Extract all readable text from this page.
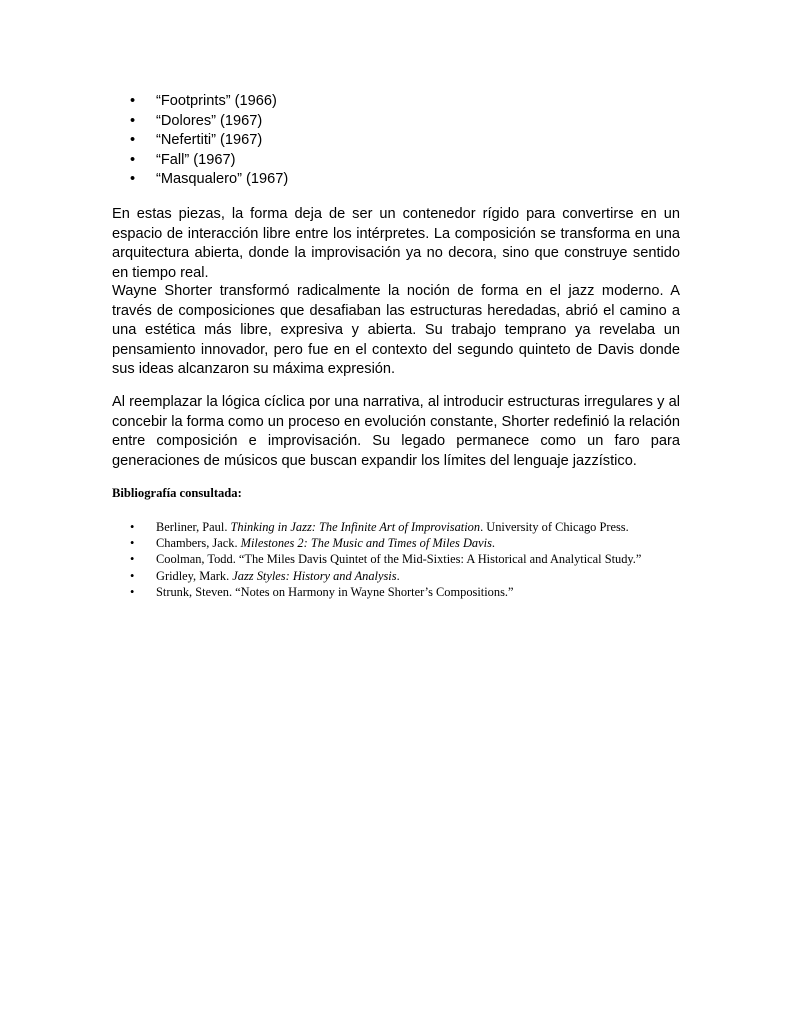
• “Footprints” (1966)
• “Dolores” (1967)
• “Nefertiti” (1967)
• “Fall” (1967)
• “Masqualero” (1967)

En estas piezas, la forma deja de ser un contenedor rígido para convertirse en un espacio de interacción libre entre los intérpretes. La composición se transforma en una arquitectura abierta, donde la improvisación ya no decora, sino que construye sentido en tiempo real.

Wayne Shorter transformó radicalmente la noción de forma en el jazz moderno. A través de composiciones que desafiaban las estructuras heredadas, abrió el camino a una estética más libre, expresiva y abierta. Su trabajo temprano ya revelaba un pensamiento innovador, pero fue en el contexto del segundo quinteto de Davis donde sus ideas alcanzaron su máxima expresión.

Al reemplazar la lógica cíclica por una narrativa, al introducir estructuras irregulares y al concebir la forma como un proceso en evolución constante, Shorter redefinió la relación entre composición e improvisación. Su legado permanece como un faro para generaciones de músicos que buscan expandir los límites del lenguaje jazzístico.

Bibliografía consultada:

• Berliner, Paul. Thinking in Jazz: The Infinite Art of Improvisation. University of Chicago Press.
• Chambers, Jack. Milestones 2: The Music and Times of Miles Davis.
• Coolman, Todd. “The Miles Davis Quintet of the Mid-Sixties: A Historical and Analytical Study.”
• Gridley, Mark. Jazz Styles: History and Analysis.
• Strunk, Steven. “Notes on Harmony in Wayne Shorter’s Compositions.”
